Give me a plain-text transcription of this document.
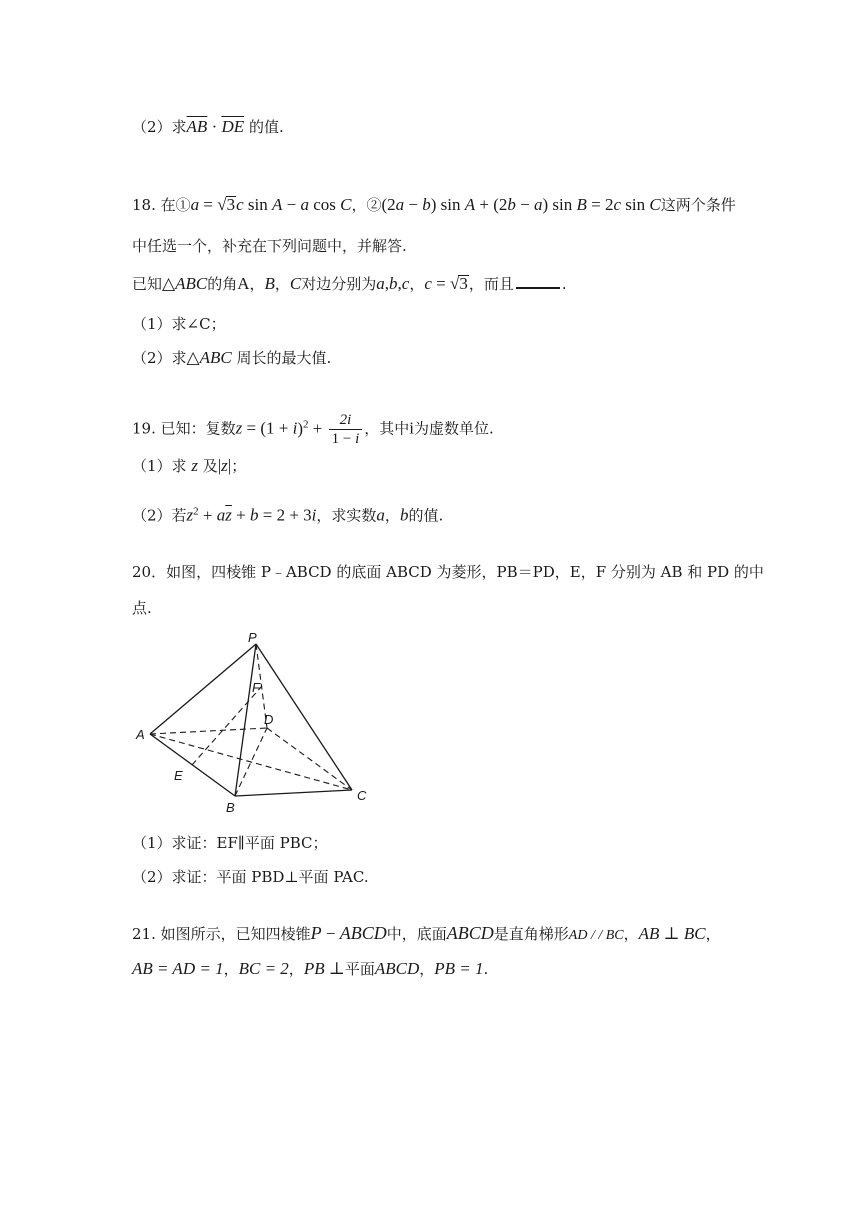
（2）求$\overline{AB} \cdot \overline{DE}$ 的值.
18. 在①a = √3c sin A − a cos C，②(2a − b) sin A + (2b − a) sin B = 2c sin C这两个条件
中任选一个，补充在下列问题中，并解答.
已知△ABC的角A，B，C对边分别为a,b,c，c = √3，而且	.
（1）求∠C；
（2）求△ABC 周长的最大值.
19. 已知：复数$z = (1 + i)^2 + \frac{2i}{1 - i}$ ，其中i为虚数单位.
（1）求 z 及|z|；
（2）若$z^2 + a\overline{z} + b = 2 + 3i$，求实数a，b的值.
20．如图，四棱锥 P﹣ABCD 的底面 ABCD 为菱形，PB＝PD，E，F 分别为 AB 和 PD 的中
点.
P
A
B
C
D
E
F
（1）求证：EF∥平面 PBC；
（2）求证：平面 PBD⊥平面 PAC.
21. 如图所示，已知四棱锥P − ABCD中，底面ABCD是直角梯形AD / / BC，AB ⊥ BC，
AB = AD = 1，BC = 2，PB ⊥平面ABCD，PB = 1.
